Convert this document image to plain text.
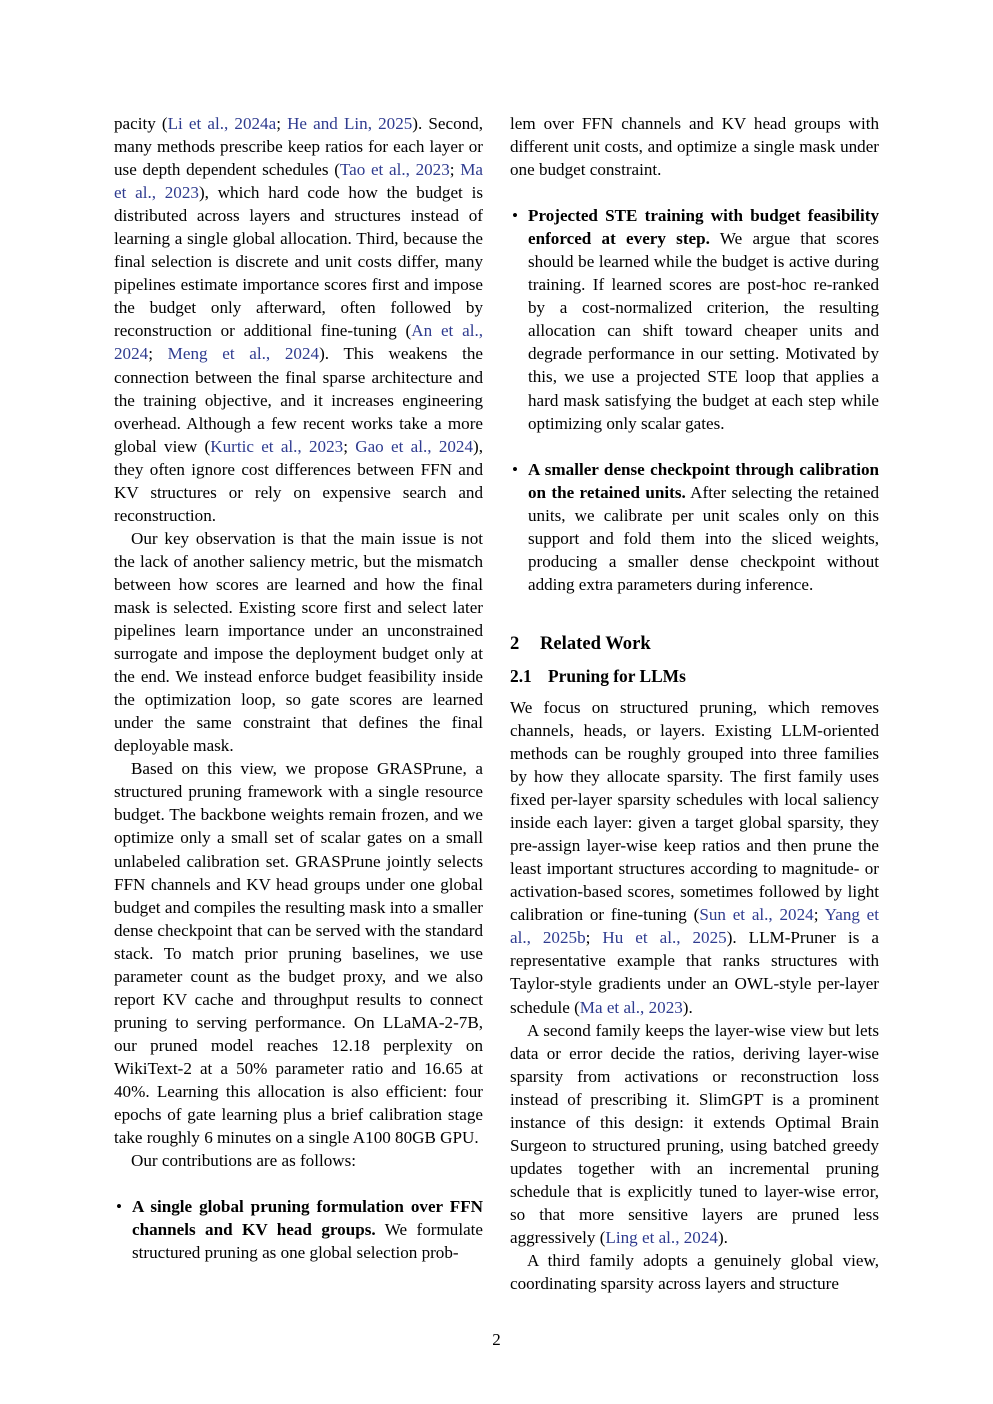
pacity (Li et al., 2024a; He and Lin, 2025). Second, many methods prescribe keep ratios for each layer or use depth dependent schedules (Tao et al., 2023; Ma et al., 2023), which hard code how the budget is distributed across layers and structures instead of learning a single global allocation. Third, because the final selection is discrete and unit costs differ, many pipelines estimate importance scores first and impose the budget only afterward, often followed by reconstruction or additional fine-tuning (An et al., 2024; Meng et al., 2024). This weakens the connection between the final sparse architecture and the training objective, and it increases engineering overhead. Although a few recent works take a more global view (Kurtic et al., 2023; Gao et al., 2024), they often ignore cost differences between FFN and KV structures or rely on expensive search and reconstruction.

Our key observation is that the main issue is not the lack of another saliency metric, but the mismatch between how scores are learned and how the final mask is selected. Existing score first and select later pipelines learn importance under an unconstrained surrogate and impose the deployment budget only at the end. We instead enforce budget feasibility inside the optimization loop, so gate scores are learned under the same constraint that defines the final deployable mask.

Based on this view, we propose GRASPrune, a structured pruning framework with a single resource budget. The backbone weights remain frozen, and we optimize only a small set of scalar gates on a small unlabeled calibration set. GRASPrune jointly selects FFN channels and KV head groups under one global budget and compiles the resulting mask into a smaller dense checkpoint that can be served with the standard stack. To match prior pruning baselines, we use parameter count as the budget proxy, and we also report KV cache and throughput results to connect pruning to serving performance. On LLaMA-2-7B, our pruned model reaches 12.18 perplexity on WikiText-2 at a 50% parameter ratio and 16.65 at 40%. Learning this allocation is also efficient: four epochs of gate learning plus a brief calibration stage take roughly 6 minutes on a single A100 80GB GPU.

Our contributions are as follows:

• A single global pruning formulation over FFN channels and KV head groups. We formulate structured pruning as one global selection prob-

lem over FFN channels and KV head groups with different unit costs, and optimize a single mask under one budget constraint.

• Projected STE training with budget feasibility enforced at every step. We argue that scores should be learned while the budget is active during training. If learned scores are post-hoc re-ranked by a cost-normalized criterion, the resulting allocation can shift toward cheaper units and degrade performance in our setting. Motivated by this, we use a projected STE loop that applies a hard mask satisfying the budget at each step while optimizing only scalar gates.
• A smaller dense checkpoint through calibration on the retained units. After selecting the retained units, we calibrate per unit scales only on this support and fold them into the sliced weights, producing a smaller dense checkpoint without adding extra parameters during inference.
2 Related Work
2.1 Pruning for LLMs

We focus on structured pruning, which removes channels, heads, or layers. Existing LLM-oriented methods can be roughly grouped into three families by how they allocate sparsity. The first family uses fixed per-layer sparsity schedules with local saliency inside each layer: given a target global sparsity, they pre-assign layer-wise keep ratios and then prune the least important structures according to magnitude- or activation-based scores, sometimes followed by light calibration or fine-tuning (Sun et al., 2024; Yang et al., 2025b; Hu et al., 2025). LLM-Pruner is a representative example that ranks structures with Taylor-style gradients under an OWL-style per-layer schedule (Ma et al., 2023).

A second family keeps the layer-wise view but lets data or error decide the ratios, deriving layer-wise sparsity from activations or reconstruction loss instead of prescribing it. SlimGPT is a prominent instance of this design: it extends Optimal Brain Surgeon to structured pruning, using batched greedy updates together with an incremental pruning schedule that is explicitly tuned to layer-wise error, so that more sensitive layers are pruned less aggressively (Ling et al., 2024).

A third family adopts a genuinely global view, coordinating sparsity across layers and structure

2
